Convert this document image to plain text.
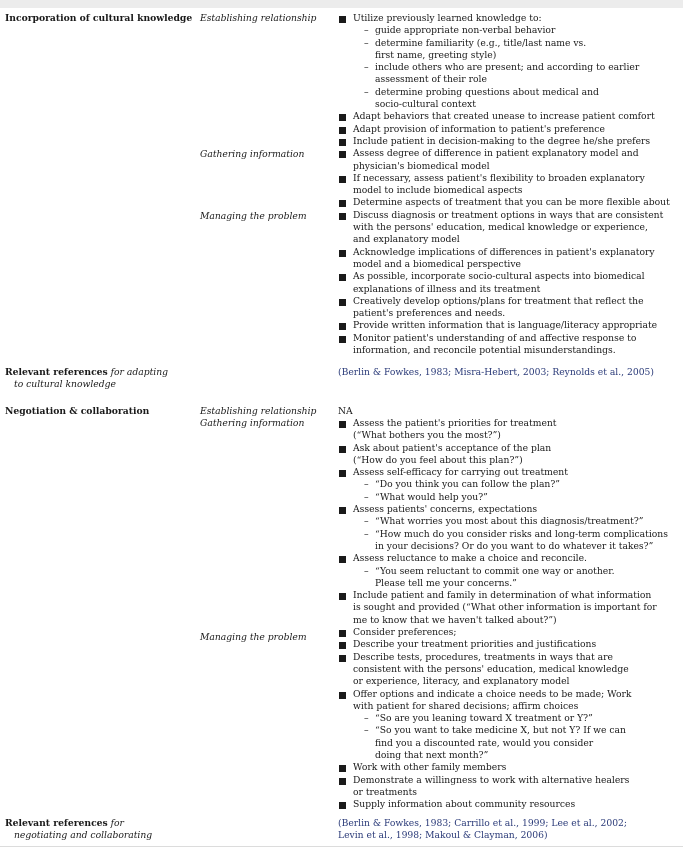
Incorporation of cultural knowledge Establishing relationship
Gathering information
Managing the problem
Utilize previously learned knowledge to:
– guide appropriate non-verbal behavior
– determine familiarity (e.g., title/last name vs.
first name, greeting style)
– include others who are present; and according to earlier
assessment of their role
– determine probing questions about medical and
socio-cultural context
Adapt behaviors that created unease to increase patient comfort
Adapt provision of information to patient's preference
Include patient in decision-making to the degree he/she prefers
Assess degree of difference in patient explanatory model and
physician's biomedical model
If necessary, assess patient's flexibility to broaden explanatory
model to include biomedical aspects
Determine aspects of treatment that you can be more flexible about
Discuss diagnosis or treatment options in ways that are consistent
with the persons' education, medical knowledge or experience,
and explanatory model
Acknowledge implications of differences in patient's explanatory
model and a biomedical perspective
As possible, incorporate socio-cultural aspects into biomedical
explanations of illness and its treatment
Creatively develop options/plans for treatment that reflect the
patient's preferences and needs.
Provide written information that is language/literacy appropriate
Monitor patient's understanding of and affective response to
information, and reconcile potential misunderstandings.
Relevant references for adapting
to cultural knowledge
(Berlin & Fowkes, 1983; Misra-Hebert, 2003; Reynolds et al., 2005)
Negotiation & collaboration	Establishing relationship
Gathering information
Managing the problem
NA
Assess the patient's priorities for treatment
(“What bothers you the most?”)
Ask about patient's acceptance of the plan
(“How do you feel about this plan?”)
Assess self-efficacy for carrying out treatment
– “Do you think you can follow the plan?”
– “What would help you?”
Assess patients' concerns, expectations
– “What worries you most about this diagnosis/treatment?”
– “How much do you consider risks and long-term complications
in your decisions? Or do you want to do whatever it takes?”
Assess reluctance to make a choice and reconcile.
– “You seem reluctant to commit one way or another.
Please tell me your concerns.”
Include patient and family in determination of what information
is sought and provided (“What other information is important for
me to know that we haven't talked about?”)
Consider preferences;
Describe your treatment priorities and justifications
Describe tests, procedures, treatments in ways that are
consistent with the persons' education, medical knowledge
or experience, literacy, and explanatory model
Offer options and indicate a choice needs to be made; Work
with patient for shared decisions; affirm choices
– “So are you leaning toward X treatment or Y?”
– “So you want to take medicine X, but not Y? If we can
find you a discounted rate, would you consider
doing that next month?”
Work with other family members
Demonstrate a willingness to work with alternative healers
or treatments
Supply information about community resources
Relevant references for
negotiating and collaborating
(Berlin & Fowkes, 1983; Carrillo et al., 1999; Lee et al., 2002;
Levin et al., 1998; Makoul & Clayman, 2006)
